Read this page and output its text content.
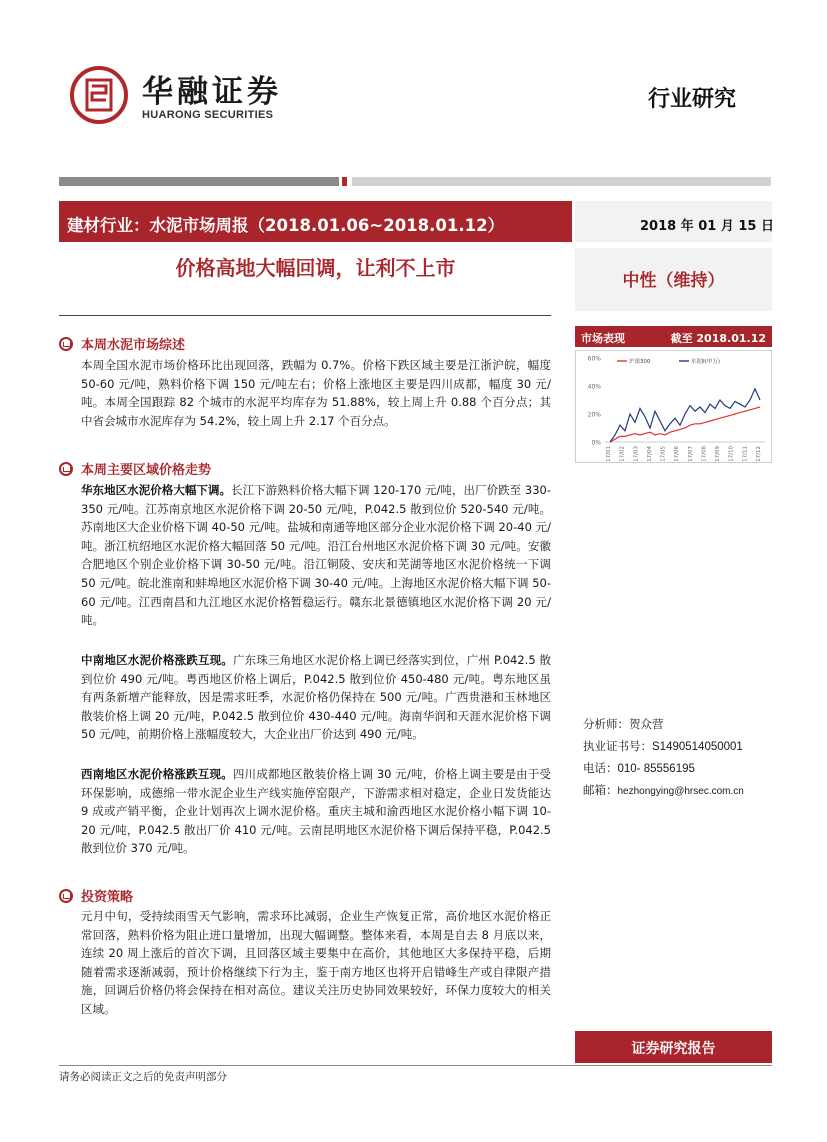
华融证券
HUARONG SECURITIES
行业研究
建材行业：水泥市场周报（2018.01.06~2018.01.12）	2018 年 01 月 15 日
价格高地大幅回调，让利不上市
中性（维持）
本周水泥市场综述
本周全国水泥市场价格环比出现回落，跌幅为 0.7%。价格下跌区域主要是江浙沪皖，幅度 50-60 元/吨，熟料价格下调 150 元/吨左右；价格上涨地区主要是四川成都，幅度 30 元/吨。本周全国跟踪 82 个城市的水泥平均库存为 51.88%，较上周上升 0.88 个百分点；其中省会城市水泥库存为 54.2%，较上周上升 2.17 个百分点。
本周主要区域价格走势
华东地区水泥价格大幅下调。长江下游熟料价格大幅下调 120-170 元/吨，出厂价跌至 330-350 元/吨。江苏南京地区水泥价格下调 20-50 元/吨，P.042.5 散到位价 520-540 元/吨。苏南地区大企业价格下调 40-50 元/吨。盐城和南通等地区部分企业水泥价格下调 20-40 元/吨。浙江杭绍地区水泥价格大幅回落 50 元/吨。沿江台州地区水泥价格下调 30 元/吨。安徽合肥地区个别企业价格下调 30-50 元/吨。沿江铜陵、安庆和芜湖等地区水泥价格统一下调 50 元/吨。皖北淮南和蚌埠地区水泥价格下调 30-40 元/吨。上海地区水泥价格大幅下调 50-60 元/吨。江西南昌和九江地区水泥价格暂稳运行。赣东北景德镇地区水泥价格下调 20 元/吨。
中南地区水泥价格涨跌互现。广东珠三角地区水泥价格上调已经落实到位，广州 P.042.5 散到位价 490 元/吨。粤西地区价格上调后，P.042.5 散到位价 450-480 元/吨。粤东地区虽有两条新增产能释放，因是需求旺季，水泥价格仍保持在 500 元/吨。广西贵港和玉林地区散装价格上调 20 元/吨，P.042.5 散到位价 430-440 元/吨。海南华润和天涯水泥价格下调 50 元/吨，前期价格上涨幅度较大，大企业出厂价达到 490 元/吨。
西南地区水泥价格涨跌互现。四川成都地区散装价格上调 30 元/吨，价格上调主要是由于受环保影响，成德绵一带水泥企业生产线实施停窑限产，下游需求相对稳定，企业日发货能达 9 成或产销平衡，企业计划再次上调水泥价格。重庆主城和渝西地区水泥价格小幅下调 10-20 元/吨，P.042.5 散出厂价 410 元/吨。云南昆明地区水泥价格下调后保持平稳，P.042.5 散到位价 370 元/吨。
投资策略
元月中旬，受持续雨雪天气影响，需求环比减弱，企业生产恢复正常，高价地区水泥价格正常回落，熟料价格为阻止进口量增加，出现大幅调整。整体来看，本周是自去 8 月底以来，连续 20 周上涨后的首次下调，且回落区域主要集中在高价，其他地区大多保持平稳，后期随着需求逐渐减弱，预计价格继续下行为主，鉴于南方地区也将开启错峰生产或自律限产措施，回调后价格仍将会保持在相对高位。建议关注历史协同效果较好，环保力度较大的相关区域。
市场表现	截至 2018.01.12
60%
40%
20%
0%
17/01 17/02 17/03 17/04 17/05 17/06 17/07 17/08 17/09 17/10 17/11 17/12
沪深300	水泥Ⅱ(申万)
分析师：贺众营
执业证书号：S1490514050001
电话：010- 85556195
邮箱：hezhongying@hrsec.com.cn
证券研究报告
请务必阅读正文之后的免责声明部分
